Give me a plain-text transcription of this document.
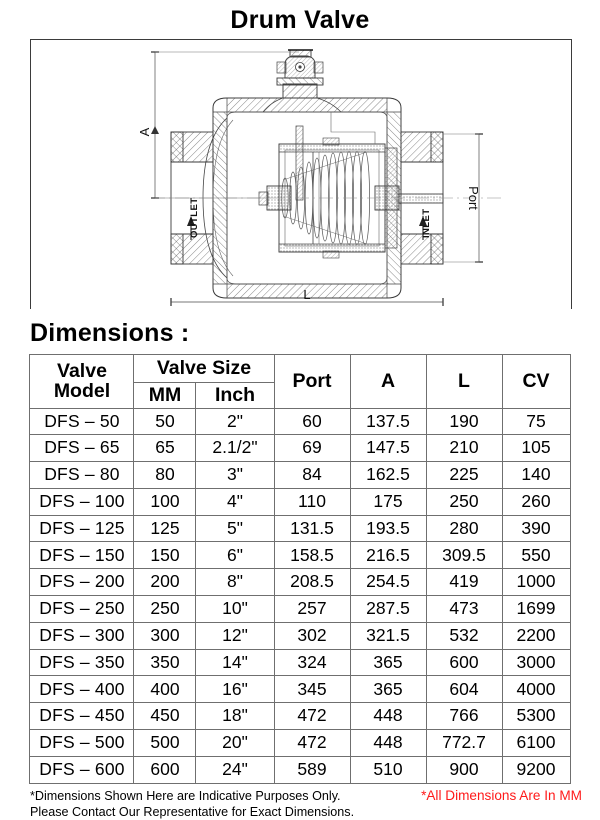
Drum Valve
A
Port
L
OUTLET	INLET
Dimensions :
Valve
Model	Valve Size		Port	A	L	CV
	MM	Inch				
DFS – 50	50	2"	60	137.5	190	75
DFS – 65	65	2.1/2"	69	147.5	210	105
DFS – 80	80	3"	84	162.5	225	140
DFS – 100	100	4"	110	175	250	260
DFS – 125	125	5"	131.5	193.5	280	390
DFS – 150	150	6"	158.5	216.5	309.5	550
DFS – 200	200	8"	208.5	254.5	419	1000
DFS – 250	250	10"	257	287.5	473	1699
DFS – 300	300	12"	302	321.5	532	2200
DFS – 350	350	14"	324	365	600	3000
DFS – 400	400	16"	345	365	604	4000
DFS – 450	450	18"	472	448	766	5300
DFS – 500	500	20"	472	448	772.7	6100
DFS – 600	600	24"	589	510	900	9200
*Dimensions Shown Here are Indicative Purposes Only.	*All Dimensions Are In MM
Please Contact Our Representative for Exact Dimensions.
